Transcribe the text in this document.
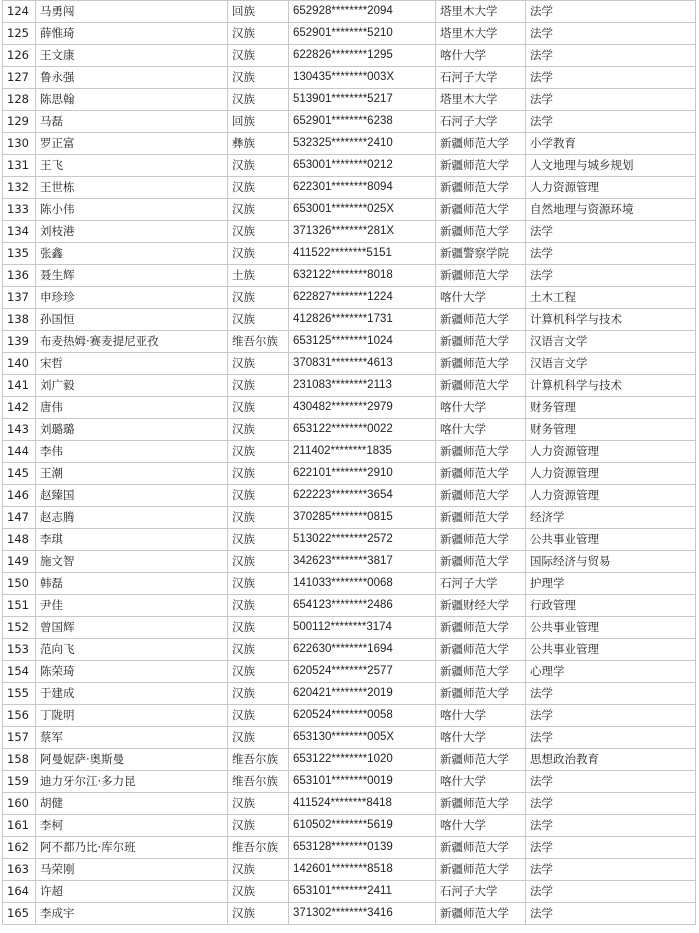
124	马勇闯	回族	652928********2094	塔里木大学	法学
125	薛惟琦	汉族	652901********5210	塔里木大学	法学
126	王文康	汉族	622826********1295	喀什大学	法学
127	鲁永强	汉族	130435********003X	石河子大学	法学
128	陈思翰	汉族	513901********5217	塔里木大学	法学
129	马磊	回族	652901********6238	石河子大学	法学
130	罗正富	彝族	532325********2410	新疆师范大学	小学教育
131	王飞	汉族	653001********0212	新疆师范大学	人文地理与城乡规划
132	王世栋	汉族	622301********8094	新疆师范大学	人力资源管理
133	陈小伟	汉族	653001********025X	新疆师范大学	自然地理与资源环境
134	刘枝港	汉族	371326********281X	新疆师范大学	法学
135	张鑫	汉族	411522********5151	新疆警察学院	法学
136	聂生辉	土族	632122********8018	新疆师范大学	法学
137	申珍珍	汉族	622827********1224	喀什大学	土木工程
138	孙国恒	汉族	412826********1731	新疆师范大学	计算机科学与技术
139	布麦热姆·赛麦提尼亚孜	维吾尔族	653125********1024	新疆师范大学	汉语言文学
140	宋哲	汉族	370831********4613	新疆师范大学	汉语言文学
141	刘广毅	汉族	231083********2113	新疆师范大学	计算机科学与技术
142	唐伟	汉族	430482********2979	喀什大学	财务管理
143	刘璐璐	汉族	653122********0022	喀什大学	财务管理
144	李伟	汉族	211402********1835	新疆师范大学	人力资源管理
145	王潮	汉族	622101********2910	新疆师范大学	人力资源管理
146	赵臻国	汉族	622223********3654	新疆师范大学	人力资源管理
147	赵志腾	汉族	370285********0815	新疆师范大学	经济学
148	李琪	汉族	513022********2572	新疆师范大学	公共事业管理
149	施文智	汉族	342623********3817	新疆师范大学	国际经济与贸易
150	韩磊	汉族	141033********0068	石河子大学	护理学
151	尹佳	汉族	654123********2486	新疆财经大学	行政管理
152	曾国辉	汉族	500112********3174	新疆师范大学	公共事业管理
153	范向飞	汉族	622630********1694	新疆师范大学	公共事业管理
154	陈荣琦	汉族	620524********2577	新疆师范大学	心理学
155	于建成	汉族	620421********2019	新疆师范大学	法学
156	丁陇明	汉族	620524********0058	喀什大学	法学
157	蔡军	汉族	653130********005X	喀什大学	法学
158	阿曼妮萨·奥斯曼	维吾尔族	653122********1020	新疆师范大学	思想政治教育
159	迪力牙尔江·多力昆	维吾尔族	653101********0019	喀什大学	法学
160	胡健	汉族	411524********8418	新疆师范大学	法学
161	李柯	汉族	610502********5619	喀什大学	法学
162	阿不都乃比·库尔班	维吾尔族	653128********0139	新疆师范大学	法学
163	马荣刚	汉族	142601********8518	新疆师范大学	法学
164	许超	汉族	653101********2411	石河子大学	法学
165	李成宇	汉族	371302********3416	新疆师范大学	法学
